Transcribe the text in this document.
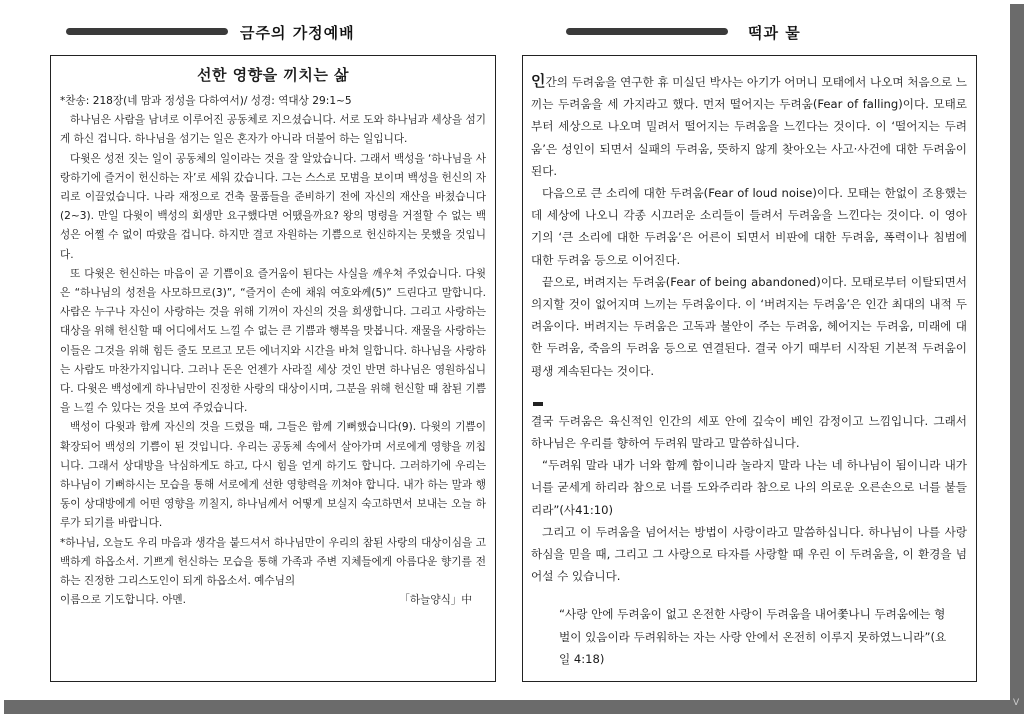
금주의 가정예배	떡과 물
선한 영향을 끼치는 삶
*찬송: 218장(네 맘과 정성을 다하여서)/ 성경: 역대상 29:1~5

하나님은 사람을 남녀로 이루어진 공동체로 지으셨습니다. 서로 도와 하나님과 세상을 섬기게 하신 겁니다. 하나님을 섬기는 일은 혼자가 아니라 더불어 하는 일입니다.

다윗은 성전 짓는 일이 공동체의 일이라는 것을 잘 알았습니다. 그래서 백성을 ‘하나님을 사랑하기에 즐거이 헌신하는 자’로 세워 갔습니다. 그는 스스로 모범을 보이며 백성을 헌신의 자리로 이끌었습니다. 나라 재정으로 건축 물품들을 준비하기 전에 자신의 재산을 바쳤습니다(2~3). 만일 다윗이 백성의 회생만 요구했다면 어땠을까요? 왕의 명령을 거절할 수 없는 백성은 어쩔 수 없이 따랐을 겁니다. 하지만 결코 자원하는 기쁨으로 헌신하지는 못했을 것입니다.

또 다윗은 헌신하는 마음이 곧 기쁨이요 즐거움이 된다는 사실을 깨우쳐 주었습니다. 다윗은 “하나님의 성전을 사모하므로(3)”, “즐거이 손에 채워 여호와께(5)” 드린다고 말합니다. 사람은 누구나 자신이 사랑하는 것을 위해 기꺼이 자신의 것을 희생합니다. 그리고 사랑하는 대상을 위해 헌신할 때 어디에서도 느낄 수 없는 큰 기쁨과 행복을 맛봅니다. 재물을 사랑하는 이들은 그것을 위해 힘든 줄도 모르고 모든 에너지와 시간을 바쳐 일합니다. 하나님을 사랑하는 사람도 마찬가지입니다. 그러나 돈은 언젠가 사라질 세상 것인 반면 하나님은 영원하십니다. 다윗은 백성에게 하나님만이 진정한 사랑의 대상이시며, 그분을 위해 헌신할 때 참된 기쁨을 느낄 수 있다는 것을 보여 주었습니다.

백성이 다윗과 함께 자신의 것을 드렸을 때, 그들은 함께 기뻐했습니다(9). 다윗의 기쁨이 확장되어 백성의 기쁨이 된 것입니다. 우리는 공동체 속에서 살아가며 서로에게 영향을 끼칩니다. 그래서 상대방을 낙심하게도 하고, 다시 힘을 얻게 하기도 합니다. 그러하기에 우리는 하나님이 기뻐하시는 모습을 통해 서로에게 선한 영향력을 끼쳐야 합니다. 내가 하는 말과 행동이 상대방에게 어떤 영향을 끼칠지, 하나님께서 어떻게 보실지 숙고하면서 보내는 오늘 하루가 되기를 바랍니다.

*하나님, 오늘도 우리 마음과 생각을 붙드셔서 하나님만이 우리의 참된 사랑의 대상이심을 고백하게 하옵소서. 기쁘게 헌신하는 모습을 통해 가족과 주변 지체들에게 아름다운 향기를 전하는 진정한 그리스도인이 되게 하옵소서. 예수님의

이름으로 기도합니다. 아멘.	「하늘양식」中

인간의 두려움을 연구한 휴 미실딘 박사는 아기가 어머니 모태에서 나오며 처음으로 느끼는 두려움을 세 가지라고 했다. 먼저 떨어지는 두려움(Fear of falling)이다. 모태로부터 세상으로 나오며 밀려서 떨어지는 두려움을 느낀다는 것이다. 이 ‘떨어지는 두려움’은 성인이 되면서 실패의 두려움, 뜻하지 않게 찾아오는 사고·사건에 대한 두려움이 된다.

다음으로 큰 소리에 대한 두려움(Fear of loud noise)이다. 모태는 한없이 조용했는데 세상에 나오니 각종 시끄러운 소리들이 들려서 두려움을 느낀다는 것이다. 이 영아기의 ‘큰 소리에 대한 두려움’은 어른이 되면서 비판에 대한 두려움, 폭력이나 침범에 대한 두려움 등으로 이어진다.

끝으로, 버려지는 두려움(Fear of being abandoned)이다. 모태로부터 이탈되면서 의지할 것이 없어지며 느끼는 두려움이다. 이 ‘버려지는 두려움’은 인간 최대의 내적 두려움이다. 버려지는 두려움은 고독과 불안이 주는 두려움, 헤어지는 두려움, 미래에 대한 두려움, 죽음의 두려움 등으로 연결된다. 결국 아기 때부터 시작된 기본적 두려움이 평생 계속된다는 것이다.

결국 두려움은 육신적인 인간의 세포 안에 깊숙이 베인 감정이고 느낌입니다. 그래서 하나님은 우리를 향하여 두려워 말라고 말씀하십니다.

“두려워 말라 내가 너와 함께 함이니라 놀라지 말라 나는 네 하나님이 됨이니라 내가 너를 굳세게 하리라 참으로 너를 도와주리라 참으로 나의 의로운 오른손으로 너를 붙들리라”(사41:10)

그리고 이 두려움을 넘어서는 방법이 사랑이라고 말씀하십니다. 하나님이 나를 사랑하심을 믿을 때, 그리고 그 사랑으로 타자를 사랑할 때 우린 이 두려움을, 이 환경을 넘어설 수 있습니다.

“사랑 안에 두려움이 없고 온전한 사랑이 두려움을 내어쫓나니 두려움에는 형벌이 있음이라 두려워하는 자는 사랑 안에서 온전히 이루지 못하였느니라”(요일 4:18)

V
